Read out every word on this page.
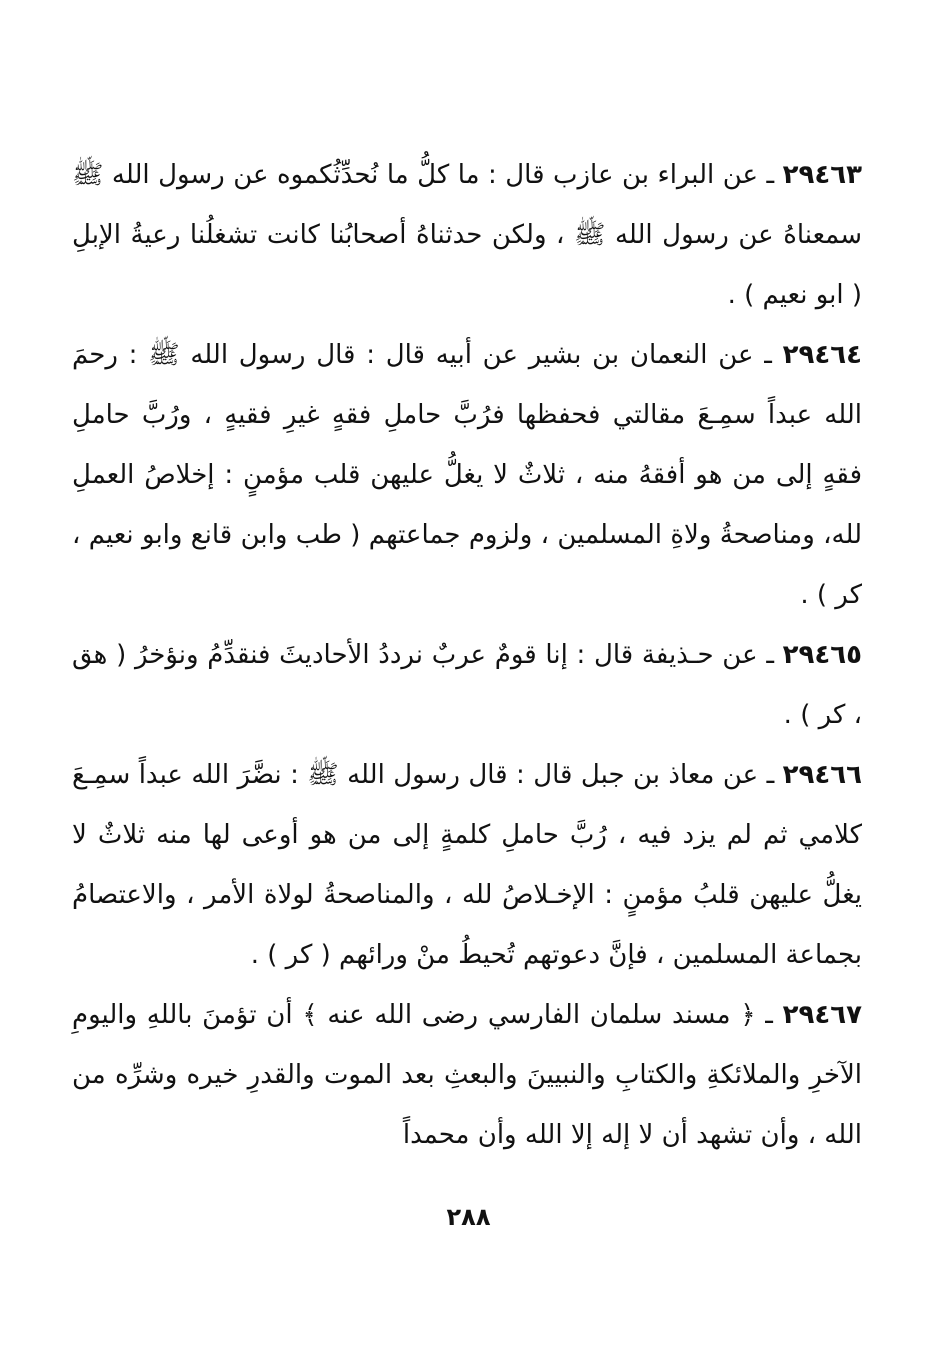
٢٩٤٦٣ ـ عن البراء بن عازب قال : ما كلُّ ما نُحدِّثُكموه عن رسول الله ﷺ سمعناهُ عن رسول الله ﷺ ، ولكن حدثناهُ أصحابُنا كانت تشغلُنا رعيةُ الإبلِ ( ابو نعيم ) .

٢٩٤٦٤ ـ عن النعمان بن بشير عن أبيه قال : قال رسول الله ﷺ : رحمَ الله عبداً سمِـعَ مقالتي فحفظها فرُبَّ حاملِ فقهٍ غيرِ فقيهٍ ، ورُبَّ حاملِ فقهٍ إلى من هو أفقهُ منه ، ثلاثٌ لا يغلُّ عليهن قلب مؤمنٍ : إخلاصُ العملِ لله، ومناصحةُ ولاةِ المسلمين ، ولزوم جماعتهم ( طب وابن قانع وابو نعيم ، كر ) .

٢٩٤٦٥ ـ عن حـذيفة قال : إنا قومٌ عربٌ نرددُ الأحاديثَ فنقدِّمُ ونؤخرُ ( هق ، كر ) .

٢٩٤٦٦ ـ عن معاذ بن جبل قال : قال رسول الله ﷺ : نضَّرَ الله عبداً سمِـعَ كلامي ثم لم يزد فيه ، رُبَّ حاملِ كلمةٍ إلى من هو أوعى لها منه ثلاثٌ لا يغلُّ عليهن قلبُ مؤمنٍ : الإخـلاصُ لله ، والمناصحةُ لولاة الأمر ، والاعتصامُ بجماعة المسلمين ، فإنَّ دعوتهم تُحيطُ منْ ورائهم ( كر ) .

٢٩٤٦٧ ـ ﴿ مسند سلمان الفارسي رضى الله عنه ﴾ أن تؤمنَ باللهِ واليومِ الآخرِ والملائكةِ والكتابِ والنبيينَ والبعثِ بعد الموت والقدرِ خيره وشرِّه من الله ، وأن تشهد أن لا إله إلا الله وأن محمداً

٢٨٨
